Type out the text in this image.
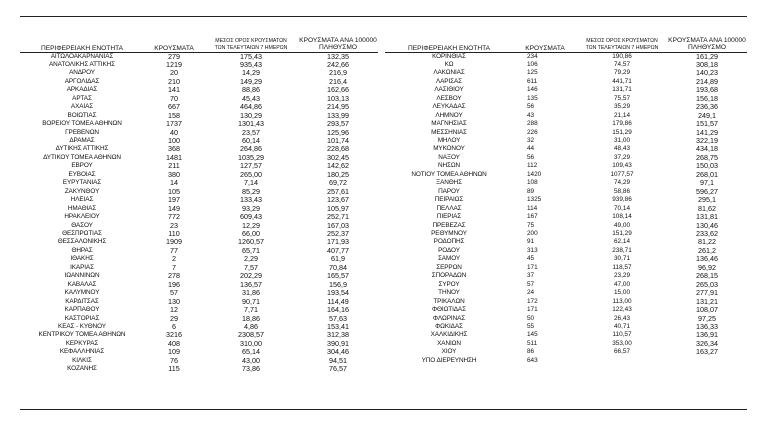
ΠΕΡΙΦΕΡΕΙΑΚΗ ΕΝΟΤΗΤΑ	ΚΡΟΥΣΜΑΤΑ	ΜΕΣΟΣ ΟΡΟΣ ΚΡΟΥΣΜΑΤΩΝ
ΤΩΝ ΤΕΛΕΥΤΑΙΩΝ 7 ΗΜΕΡΩΝ	ΚΡΟΥΣΜΑΤΑ ΑΝΑ 100000
ΠΛΗΘΥΣΜΟ
ΑΙΤΩΛΟΑΚΑΡΝΑΝΙΑΣ	279	175,43	132,35
ΑΝΑΤΟΛΙΚΗΣ ΑΤΤΙΚΗΣ	1219	935,43	242,66
ΑΝΔΡΟΥ	20	14,29	216,9
ΑΡΓΟΛΙΔΑΣ	210	149,29	216,4
ΑΡΚΑΔΙΑΣ	141	88,86	162,66
ΑΡΤΑΣ	70	45,43	103,13
ΑΧΑΪΑΣ	667	464,86	214,95
ΒΟΙΩΤΙΑΣ	158	130,29	133,99
ΒΟΡΕΙΟΥ ΤΟΜΕΑ ΑΘΗΝΩΝ	1737	1301,43	293,57
ΓΡΕΒΕΝΩΝ	40	23,57	125,96
ΔΡΑΜΑΣ	100	60,14	101,74
ΔΥΤΙΚΗΣ ΑΤΤΙΚΗΣ	368	264,86	228,68
ΔΥΤΙΚΟΥ ΤΟΜΕΑ ΑΘΗΝΩΝ	1481	1035,29	302,45
ΕΒΡΟΥ	211	127,57	142,62
ΕΥΒΟΙΑΣ	380	265,00	180,25
ΕΥΡΥΤΑΝΙΑΣ	14	7,14	69,72
ΖΑΚΥΝΘΟΥ	105	85,29	257,61
ΗΛΕΙΑΣ	197	133,43	123,67
ΗΜΑΘΙΑΣ	149	93,29	105,97
ΗΡΑΚΛΕΙΟΥ	772	609,43	252,71
ΘΑΣΟΥ	23	12,29	167,03
ΘΕΣΠΡΩΤΙΑΣ	110	66,00	252,37
ΘΕΣΣΑΛΟΝΙΚΗΣ	1909	1260,57	171,93
ΘΗΡΑΣ	77	65,71	407,77
ΙΘΑΚΗΣ	2	2,29	61,9
ΙΚΑΡΙΑΣ	7	7,57	70,84
ΙΩΑΝΝΙΝΩΝ	278	202,29	165,57
ΚΑΒΑΛΑΣ	196	136,57	156,9
ΚΑΛΥΜΝΟΥ	57	31,86	193,54
ΚΑΡΔΙΤΣΑΣ	130	90,71	114,49
ΚΑΡΠΑΘΟΥ	12	7,71	164,16
ΚΑΣΤΟΡΙΑΣ	29	18,86	57,63
ΚΕΑΣ - ΚΥΘΝΟΥ	6	4,86	153,41
ΚΕΝΤΡΙΚΟΥ ΤΟΜΕΑ ΑΘΗΝΩΝ	3216	2308,57	312,38
ΚΕΡΚΥΡΑΣ	408	310,00	390,91
ΚΕΦΑΛΛΗΝΙΑΣ	109	65,14	304,46
ΚΙΛΚΙΣ	76	43,00	94,51
ΚΟΖΑΝΗΣ	115	73,86	76,57
ΠΕΡΙΦΕΡΕΙΑΚΗ ΕΝΟΤΗΤΑ	ΚΡΟΥΣΜΑΤΑ	ΜΕΣΟΣ ΟΡΟΣ ΚΡΟΥΣΜΑΤΩΝ
ΤΩΝ ΤΕΛΕΥΤΑΙΩΝ 7 ΗΜΕΡΩΝ	ΚΡΟΥΣΜΑΤΑ ΑΝΑ 100000
ΠΛΗΘΥΣΜΟ
ΚΟΡΙΝΘΙΑΣ	234	190,86	161,29
ΚΩ	106	74,57	308,18
ΛΑΚΩΝΙΑΣ	125	79,29	140,23
ΛΑΡΙΣΑΣ	611	441,71	214,89
ΛΑΣΙΘΙΟΥ	146	131,71	193,68
ΛΕΣΒΟΥ	135	75,57	156,18
ΛΕΥΚΑΔΑΣ	56	35,29	236,36
ΛΗΜΝΟΥ	43	21,14	249,1
ΜΑΓΝΗΣΙΑΣ	288	179,86	151,57
ΜΕΣΣΗΝΙΑΣ	226	151,29	141,29
ΜΗΛΟΥ	32	31,00	322,19
ΜΥΚΟΝΟΥ	44	48,43	434,18
ΝΑΞΟΥ	56	37,29	268,75
ΝΗΣΩΝ	112	109,43	150,03
ΝΟΤΙΟΥ ΤΟΜΕΑ ΑΘΗΝΩΝ	1420	1077,57	268,01
ΞΑΝΘΗΣ	108	74,29	97,1
ΠΑΡΟΥ	89	58,86	596,27
ΠΕΙΡΑΙΩΣ	1325	939,86	295,1
ΠΕΛΛΑΣ	114	70,14	81,62
ΠΙΕΡΙΑΣ	167	108,14	131,81
ΠΡΕΒΕΖΑΣ	75	49,00	130,46
ΡΕΘΥΜΝΟΥ	200	151,29	233,62
ΡΟΔΟΠΗΣ	91	62,14	81,22
ΡΟΔΟΥ	313	238,71	261,2
ΣΑΜΟΥ	45	30,71	136,46
ΣΕΡΡΩΝ	171	118,57	96,92
ΣΠΟΡΑΔΩΝ	37	23,29	268,15
ΣΥΡΟΥ	57	47,00	265,03
ΤΗΝΟΥ	24	15,00	277,91
ΤΡΙΚΑΛΩΝ	172	113,00	131,21
ΦΘΙΩΤΙΔΑΣ	171	122,43	108,07
ΦΛΩΡΙΝΑΣ	50	26,43	97,25
ΦΩΚΙΔΑΣ	55	40,71	136,33
ΧΑΛΚΙΔΙΚΗΣ	145	110,57	136,91
ΧΑΝΙΩΝ	511	353,00	326,34
ΧΙΟΥ	86	66,57	163,27
ΥΠΟ ΔΙΕΡΕΥΝΗΣΗ	643		
